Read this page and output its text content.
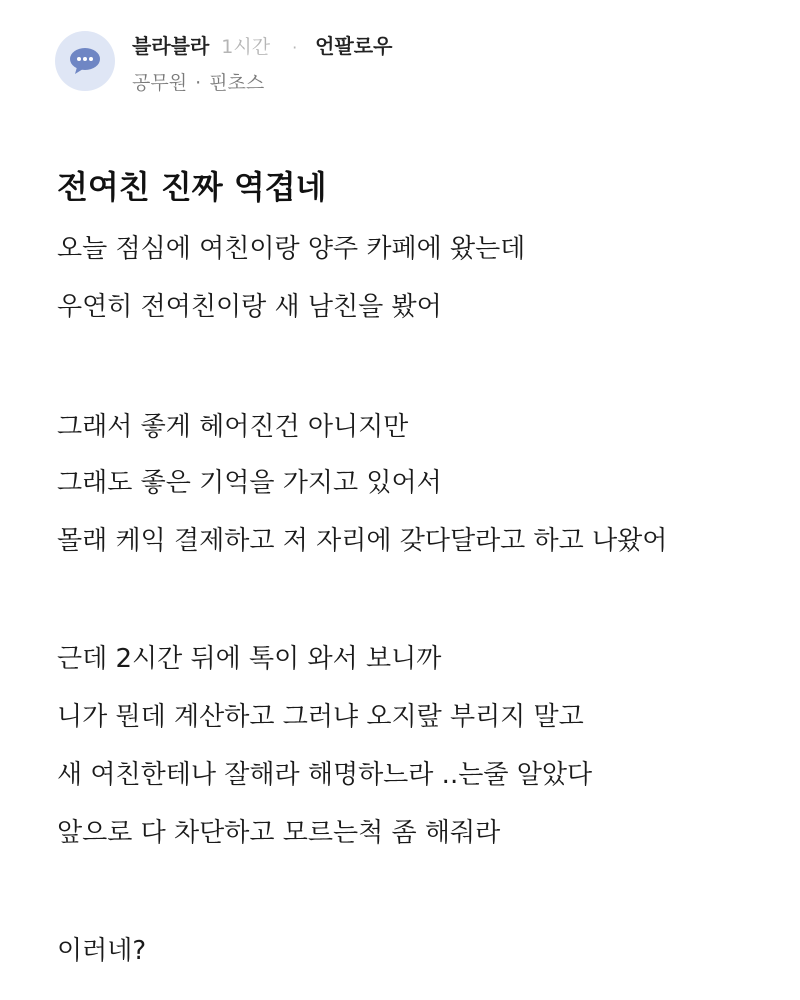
블라블라 1시간 · 언팔로우
공무원 · 핀초스
전여친 진짜 역겹네
오늘 점심에 여친이랑 양주 카페에 왔는데
우연히 전여친이랑 새 남친을 봤어
그래서 좋게 헤어진건 아니지만
그래도 좋은 기억을 가지고 있어서
몰래 케익 결제하고 저 자리에 갖다달라고 하고 나왔어
근데 2시간 뒤에 톡이 와서 보니까
니가 뭔데 계산하고 그러냐 오지랖 부리지 말고
새 여친한테나 잘해라 해명하느라 ..는줄 알았다
앞으로 다 차단하고 모르는척 좀 해줘라
이러네?
